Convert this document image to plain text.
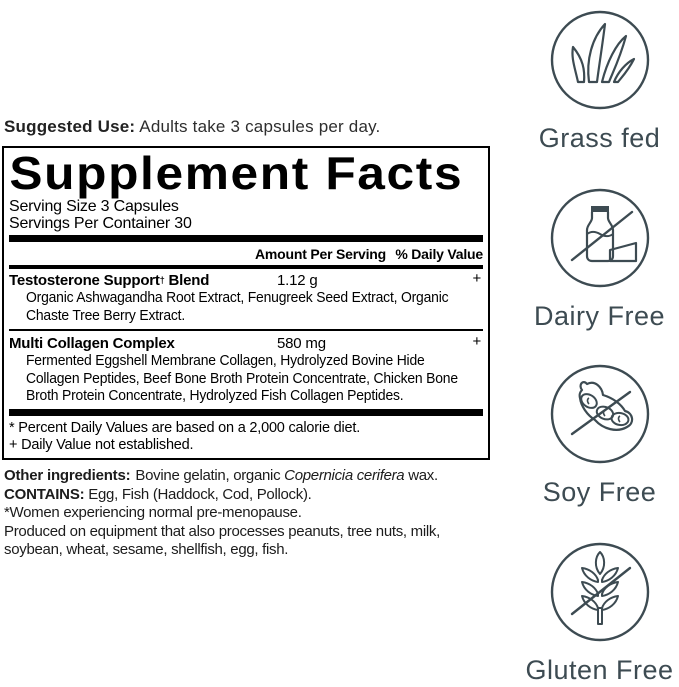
Suggested Use: Adults take 3 capsules per day.
Supplement Facts
Serving Size 3 Capsules
Servings Per Container 30
Amount Per Serving % Daily Value
Testosterone Support† Blend	1.12 g	+
Organic Ashwagandha Root Extract, Fenugreek Seed Extract, Organic
Chaste Tree Berry Extract.
Multi Collagen Complex	580 mg	+
Fermented Eggshell Membrane Collagen, Hydrolyzed Bovine Hide
Collagen Peptides, Beef Bone Broth Protein Concentrate, Chicken Bone
Broth Protein Concentrate, Hydrolyzed Fish Collagen Peptides.
* Percent Daily Values are based on a 2,000 calorie diet.
+ Daily Value not established.
Other ingredients: Bovine gelatin, organic Copernicia cerifera wax.
CONTAINS: Egg, Fish (Haddock, Cod, Pollock).
*Women experiencing normal pre-menopause.
Produced on equipment that also processes peanuts, tree nuts, milk,
soybean, wheat, sesame, shellfish, egg, fish.
Grass fed
Dairy Free
Soy Free
Gluten Free
